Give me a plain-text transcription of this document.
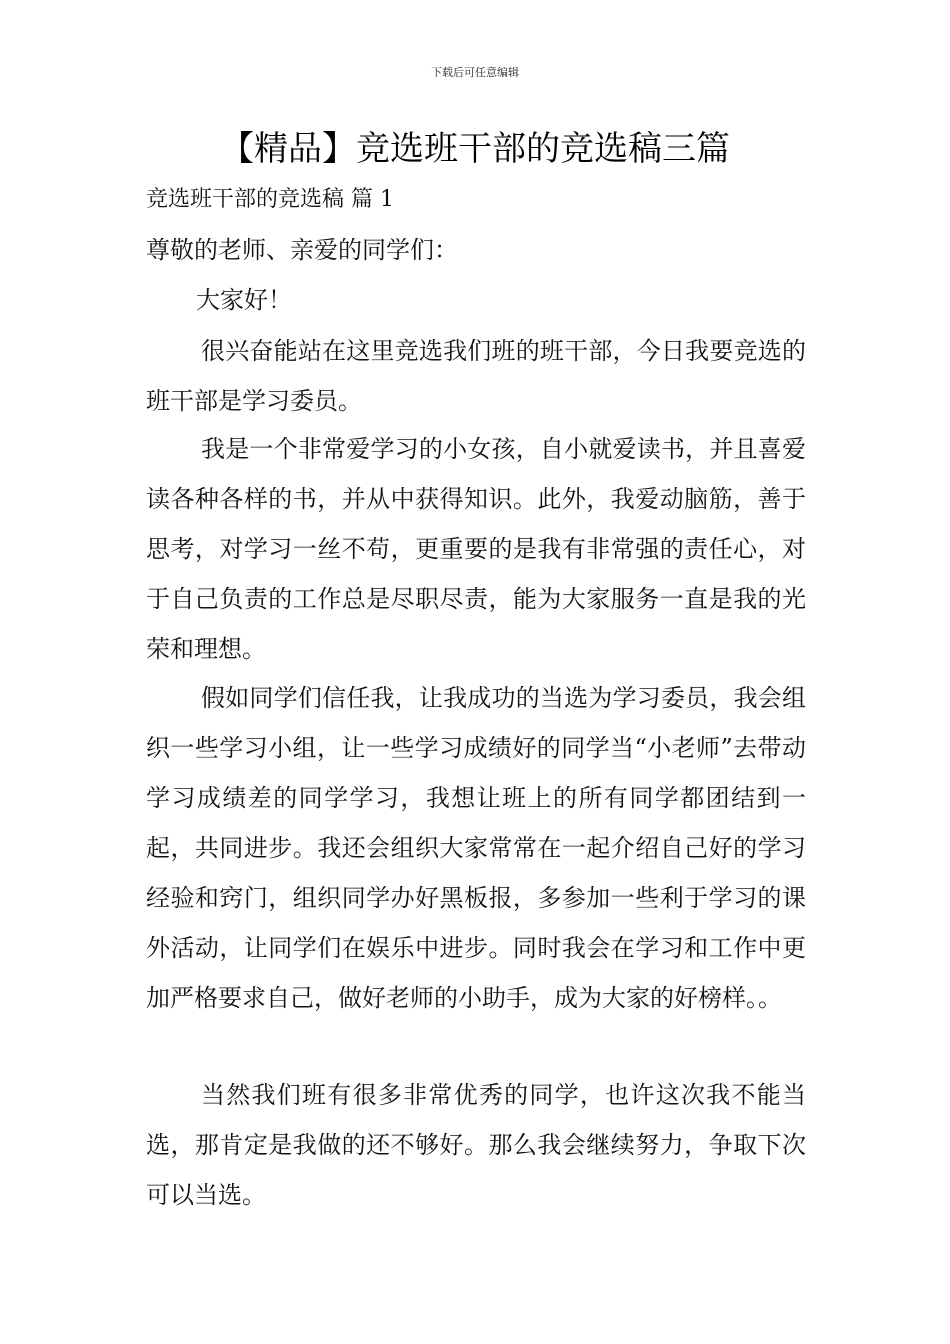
下载后可任意编辑
【精品】竞选班干部的竞选稿三篇

竞选班干部的竞选稿 篇 1

尊敬的老师、亲爱的同学们：

大家好！

很兴奋能站在这里竞选我们班的班干部，今日我要竞选的班干部是学习委员。

我是一个非常爱学习的小女孩，自小就爱读书，并且喜爱读各种各样的书，并从中获得知识。此外，我爱动脑筋，善于思考，对学习一丝不苟，更重要的是我有非常强的责任心，对于自己负责的工作总是尽职尽责，能为大家服务一直是我的光荣和理想。

假如同学们信任我，让我成功的当选为学习委员，我会组织一些学习小组，让一些学习成绩好的同学当“小老师”去带动学习成绩差的同学学习，我想让班上的所有同学都团结到一起，共同进步。我还会组织大家常常在一起介绍自己好的学习经验和窍门，组织同学办好黑板报，多参加一些利于学习的课外活动，让同学们在娱乐中进步。同时我会在学习和工作中更加严格要求自己，做好老师的小助手，成为大家的好榜样。。

当然我们班有很多非常优秀的同学，也许这次我不能当选，那肯定是我做的还不够好。那么我会继续努力，争取下次可以当选。
